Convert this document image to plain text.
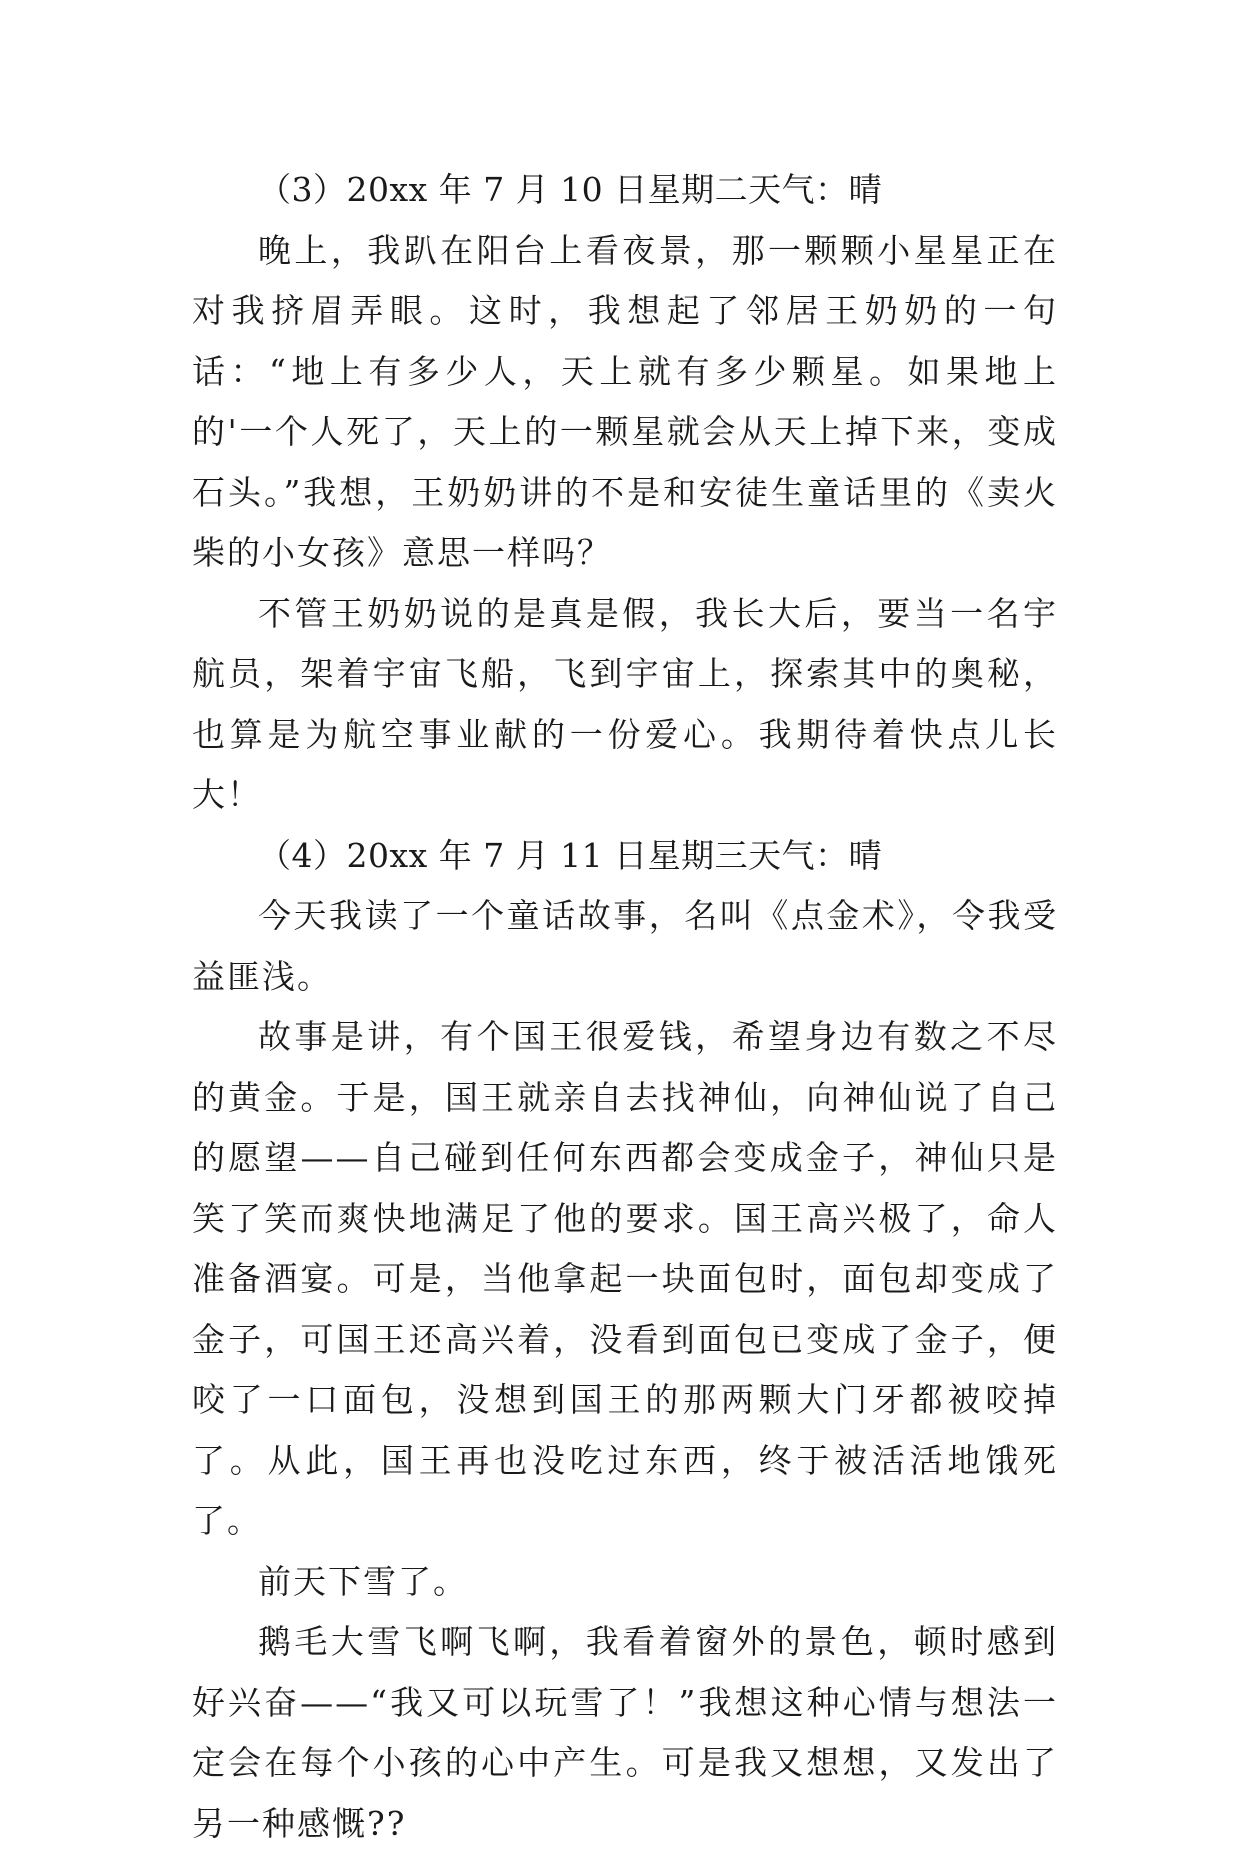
（3）20xx 年 7 月 10 日星期二天气：晴

晚上，我趴在阳台上看夜景，那一颗颗小星星正在对我挤眉弄眼。这时，我想起了邻居王奶奶的一句话：“地上有多少人，天上就有多少颗星。如果地上的'一个人死了，天上的一颗星就会从天上掉下来，变成石头。”我想，王奶奶讲的不是和安徒生童话里的《卖火柴的小女孩》意思一样吗？

不管王奶奶说的是真是假，我长大后，要当一名宇航员，架着宇宙飞船，飞到宇宙上，探索其中的奥秘，也算是为航空事业献的一份爱心。我期待着快点儿长大！

（4）20xx 年 7 月 11 日星期三天气：晴

今天我读了一个童话故事，名叫《点金术》，令我受益匪浅。

故事是讲，有个国王很爱钱，希望身边有数之不尽的黄金。于是，国王就亲自去找神仙，向神仙说了自己的愿望——自己碰到任何东西都会变成金子，神仙只是笑了笑而爽快地满足了他的要求。国王高兴极了，命人准备酒宴。可是，当他拿起一块面包时，面包却变成了金子，可国王还高兴着，没看到面包已变成了金子，便咬了一口面包，没想到国王的那两颗大门牙都被咬掉了。从此，国王再也没吃过东西，终于被活活地饿死了。

前天下雪了。

鹅毛大雪飞啊飞啊，我看着窗外的景色，顿时感到好兴奋——“我又可以玩雪了！”我想这种心情与想法一定会在每个小孩的心中产生。可是我又想想，又发出了另一种感慨??
